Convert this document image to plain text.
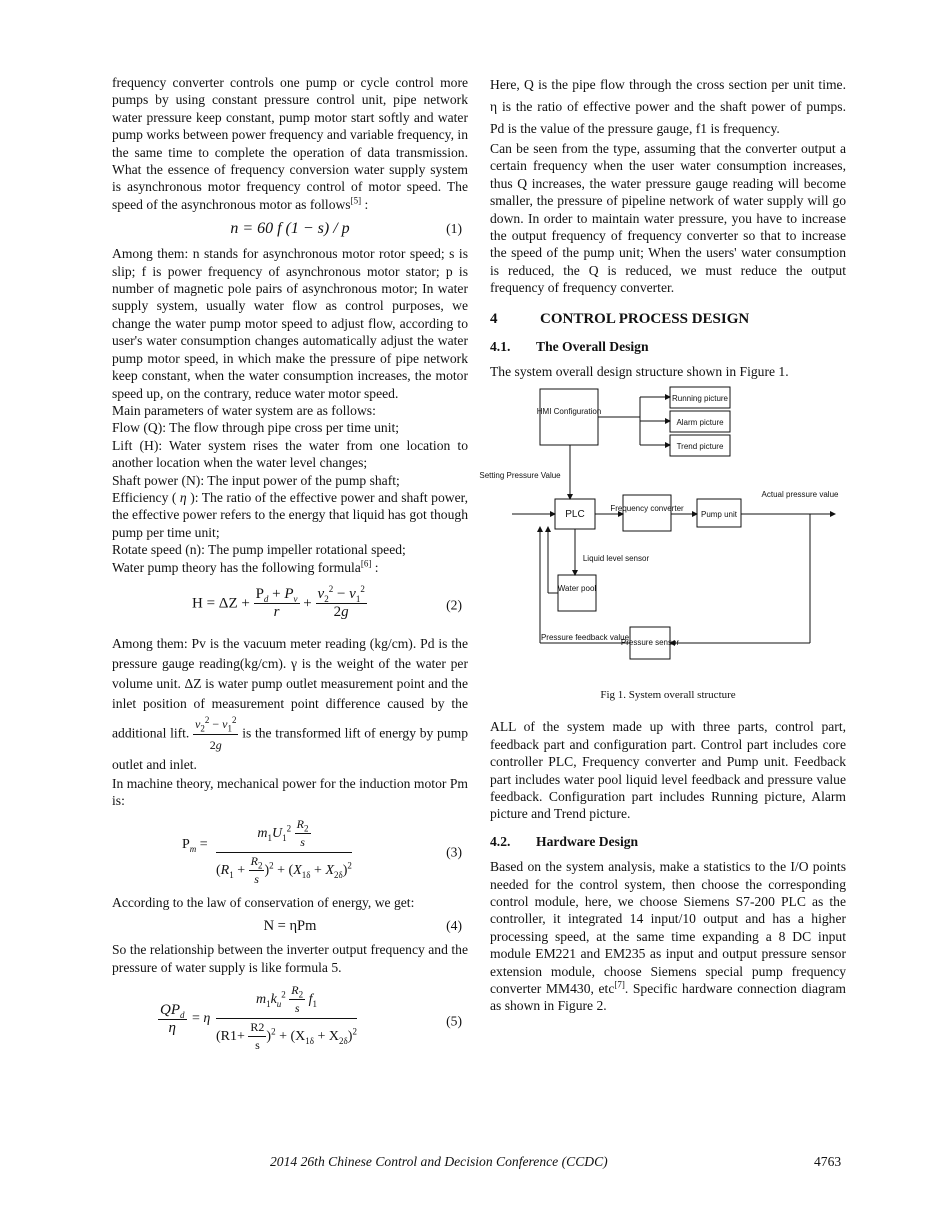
frequency converter controls one pump or cycle control more pumps by using constant pressure control unit, pipe network water pressure keep constant, pump motor start softly and water pump works between power frequency and variable frequency, in the same time to complete the operation of data transmission. What the essence of frequency conversion water supply system is asynchronous motor frequency control of motor speed. The speed of the asynchronous motor as follows[5] :

n = 60 f (1 − s) / p	(1)

Among them: n stands for asynchronous motor rotor speed; s is slip; f is power frequency of asynchronous motor stator; p is number of magnetic pole pairs of asynchronous motor; In water supply system, usually water flow as control purposes, we change the water pump motor speed to adjust flow, according to user's water consumption changes automatically adjust the water pump motor speed, in which make the pressure of pipe network keep constant, when the water consumption increases, the motor speed up, on the contrary, reduce water motor speed.

Main parameters of water system are as follows:

Flow (Q): The flow through pipe cross per time unit;

Lift (H): Water system rises the water from one location to another location when the water level changes;

Shaft power (N): The input power of the pump shaft;

Efficiency ( η ): The ratio of the effective power and shaft power, the effective power refers to the energy that liquid has got though pump per time unit;

Rotate speed (n): The pump impeller rotational speed;

Water pump theory has the following formula[6] :

$H = \Delta Z + \frac{P_d + P_v}{r} + \frac{v_2^2 - v_1^2}{2g}$	(2)

Among them: Pv is the vacuum meter reading (kg/cm). Pd is the pressure gauge reading(kg/cm). γ is the weight of the water per volume unit. ΔZ is water pump outlet measurement point and the inlet position of measurement point difference caused by the additional lift. $\frac{v_2^2 - v_1^2}{2g}$ is the transformed lift of energy by pump outlet and inlet.

In machine theory, mechanical power for the induction motor Pm is:

$P_m = \frac{m_1U_1^2 \frac{R_2}{s}}{(R_1 + \frac{R_2}{s} )^2 + (X_{1\delta} + X_{2\delta})^2}$	(3)

According to the law of conservation of energy, we get:

N = ηPm	(4)

So the relationship between the inverter output frequency and the pressure of water supply is like formula 5.

$QP_d$
η
= η $\frac{m_1k_u^2 \frac{R_2}{s} f_1}{(R1+ \frac{R2}{s} )^2 + (X_{1\delta} + X_{2\delta})^2}$	(5)

Here, Q is the pipe flow through the cross section per unit time. η is the ratio of effective power and the shaft power of pumps. Pd is the value of the pressure gauge, f1 is frequency.

Can be seen from the type, assuming that the converter output a certain frequency when the user water consumption increases, thus Q increases, the water pressure gauge reading will become smaller, the pressure of pipeline network of water supply will go down. In order to maintain water pressure, you have to increase the output frequency of frequency converter so that to increase the speed of the pump unit; When the users' water consumption is reduced, the Q is reduced, we must reduce the output frequency of frequency converter.

4	CONTROL PROCESS DESIGN
4.1. The Overall Design

The system overall design structure shown in Figure 1.

HMI Configuration
Running picture
Alarm picture
Trend picture
Setting Pressure Value
PLC
Frequency converter
Pump unit
Actual pressure value
Liquid level sensor
Water pool
Pressure feedback value
Pressure sensor
Fig 1. System overall structure

ALL of the system made up with three parts, control part, feedback part and configuration part. Control part includes core controller PLC, Frequency converter and Pump unit. Feedback part includes water pool liquid level feedback and pressure value feedback. Configuration part includes Running picture, Alarm picture and Trend picture.

4.2. Hardware Design

Based on the system analysis, make a statistics to the I/O points needed for the control system, then choose the corresponding control module, here, we choose Siemens S7-200 PLC as the controller, it integrated 14 input/10 output and has a higher processing speed, at the same time expanding a 8 DC input module EM221 and EM235 as input and output pressure sensor extension module, choose Siemens special pump frequency converter MM430, etc[7]. Specific hardware connection diagram as shown in Figure 2.

2014 26th Chinese Control and Decision Conference (CCDC)	4763
